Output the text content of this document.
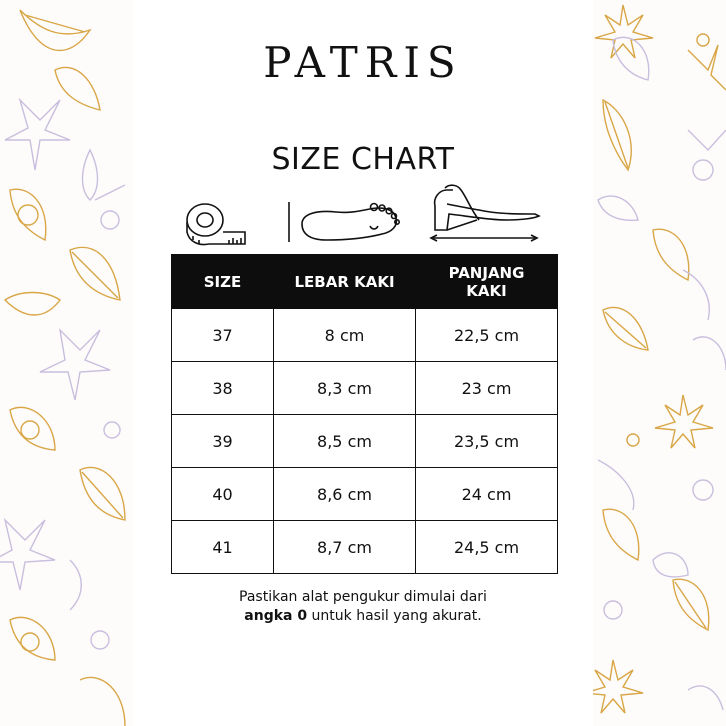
PATRIS
SIZE CHART
SIZE	LEBAR KAKI	PANJANG
KAKI
37	8 cm	22,5 cm
38	8,3 cm	23 cm
39	8,5 cm	23,5 cm
40	8,6 cm	24 cm
41	8,7 cm	24,5 cm

Pastikan alat pengukur dimulai dari
angka 0 untuk hasil yang akurat.
